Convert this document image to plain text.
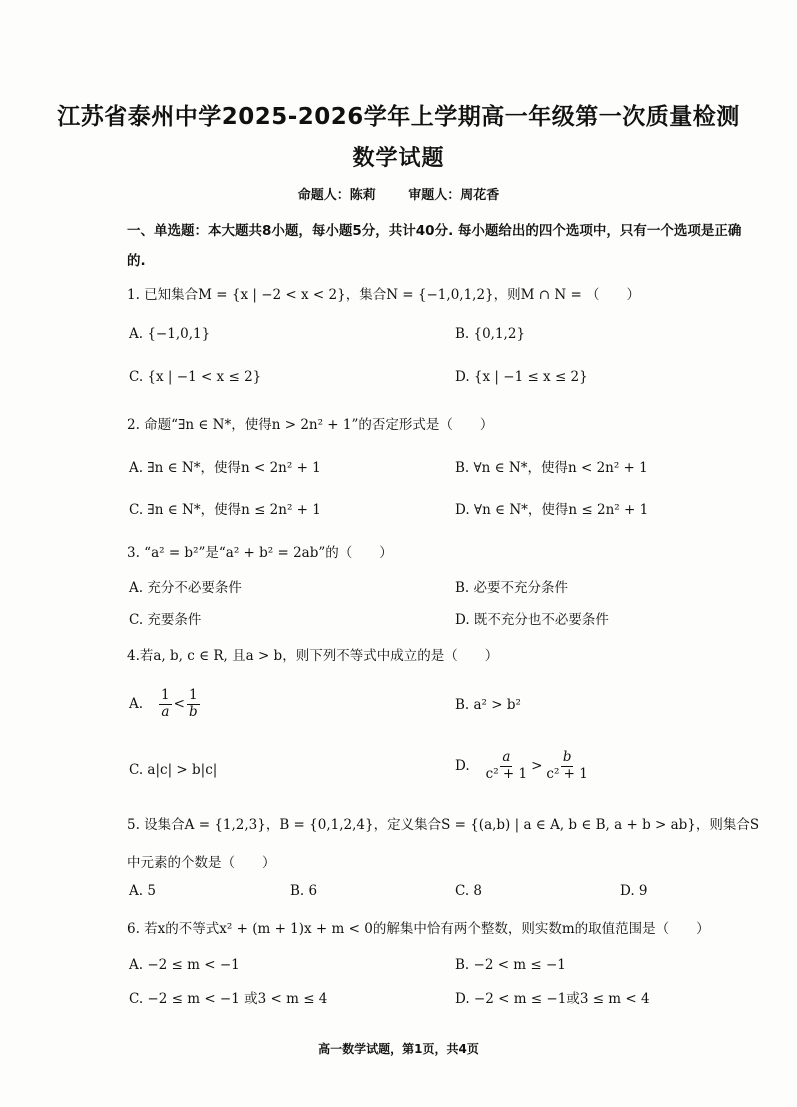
江苏省泰州中学2025-2026学年上学期高一年级第一次质量检测
数学试题
命题人：陈莉	审题人：周花香
一、单选题：本大题共8小题，每小题5分，共计40分. 每小题给出的四个选项中，只有一个选项是正确的.
1. 已知集合M = {x | −2 < x < 2}，集合N = {−1,0,1,2}，则M ∩ N = （　　）
A. {−1,0,1}	B. {0,1,2}
C. {x | −1 < x ≤ 2}	D. {x | −1 ≤ x ≤ 2}
2. 命题“∃n ∈ N*，使得n > 2n² + 1”的否定形式是（　　）
A. ∃n ∈ N*，使得n < 2n² + 1	B. ∀n ∈ N*，使得n < 2n² + 1
C. ∃n ∈ N*，使得n ≤ 2n² + 1	D. ∀n ∈ N*，使得n ≤ 2n² + 1
3. “a² = b²”是“a² + b² = 2ab”的（　　）
A. 充分不必要条件	B. 必要不充分条件
C. 充要条件	D. 既不充分也不必要条件
4.若a, b, c ∈ R, 且a > b，则下列不等式中成立的是（　　）
A. $\frac{1}{a} < \frac{1}{b}$	B. a² > b²
C. a|c| > b|c|	D. $\frac{a}{\text{c² + 1}} > \frac{b}{\text{c² + 1}}$
5. 设集合A = {1,2,3}，B = {0,1,2,4}，定义集合S = {(a,b) | a ∈ A, b ∈ B, a + b > ab}，则集合S
中元素的个数是（　　）
A. 5	B. 6	C. 8	D. 9
6. 若x的不等式x² + (m + 1)x + m < 0的解集中恰有两个整数，则实数m的取值范围是（　　）
A. −2 ≤ m < −1	B. −2 < m ≤ −1
C. −2 ≤ m < −1 或3 < m ≤ 4	D. −2 < m ≤ −1或3 ≤ m < 4
高一数学试题，第1页，共4页
